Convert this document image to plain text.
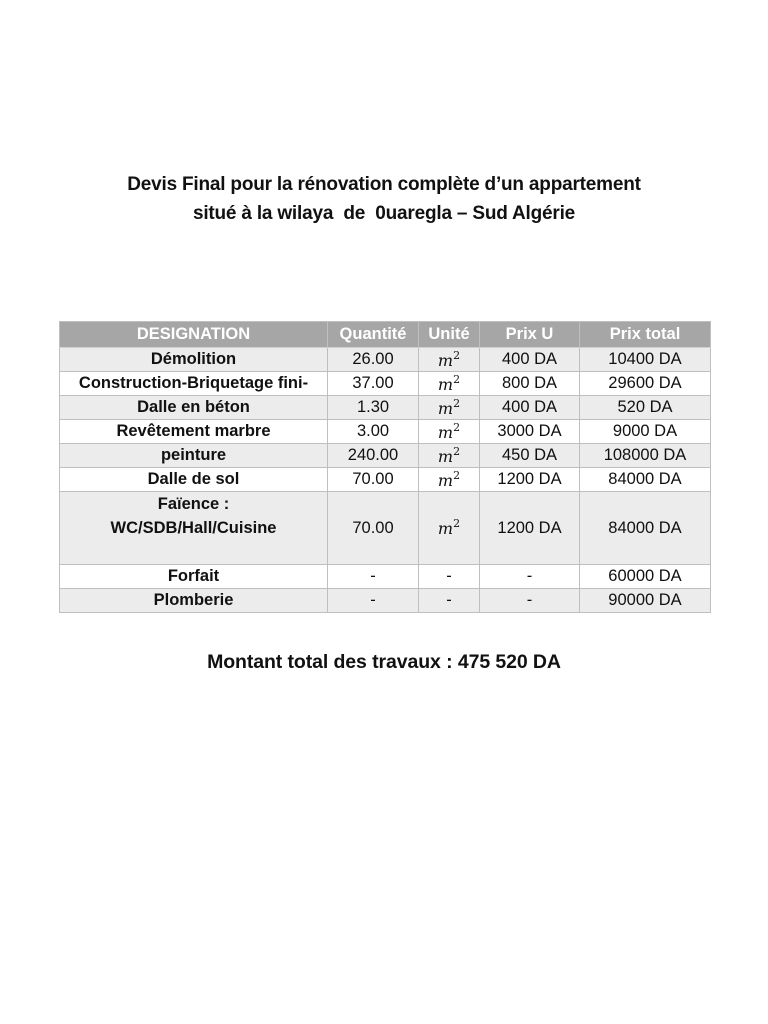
Devis Final pour la rénovation complète d’un appartement
situé à la wilaya  de  0uaregla – Sud Algérie
DESIGNATION	Quantité	Unité	Prix U	Prix total
Démolition	26.00	$m^2$	400 DA	10400 DA
Construction-Briquetage fini-	37.00	$m^2$	800 DA	29600 DA
Dalle en béton	1.30	$m^2$	400 DA	520 DA
Revêtement marbre	3.00	$m^2$	3000 DA	9000 DA
peinture	240.00	$m^2$	450 DA	108000 DA
Dalle de sol	70.00	$m^2$	1200 DA	84000 DA

Faïence :
WC/SDB/Hall/Cuisine	70.00	$m^2$	1200 DA	84000 DA
Forfait	-	-	-	60000 DA
Plomberie	-	-	-	90000 DA
Montant total des travaux : 475 520 DA
